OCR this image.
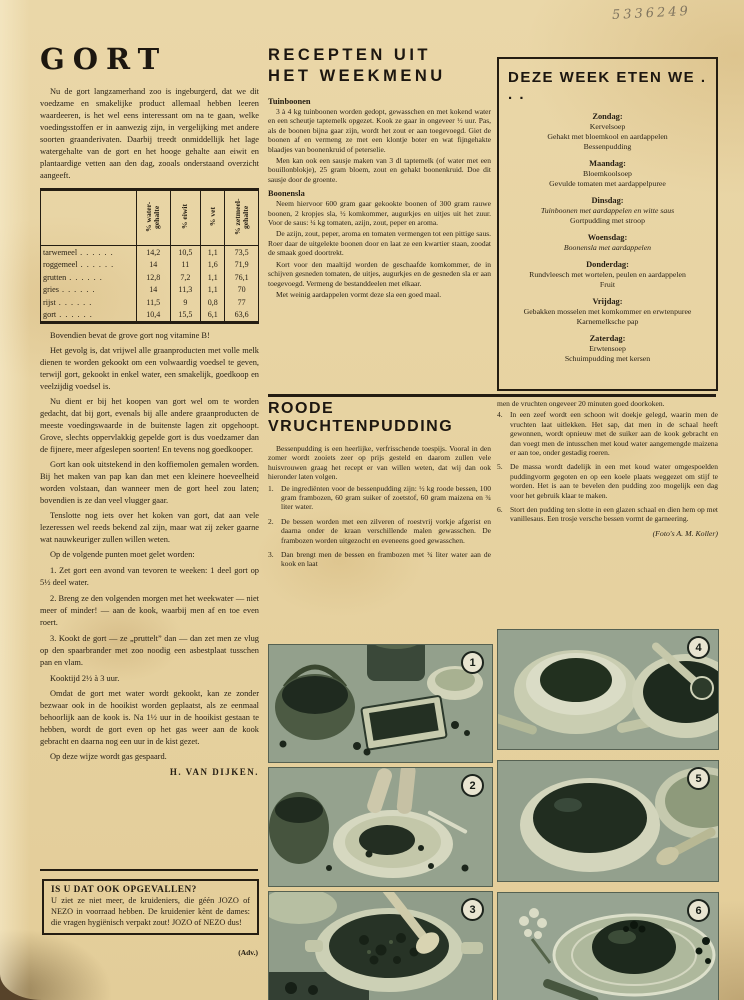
5336249
GORT

Nu de gort langzamerhand zoo is ingeburgerd, dat we dit voedzame en smakelijke product allemaal hebben leeren waardeeren, is het wel eens interessant om na te gaan, welke voedingsstoffen er in aanwezig zijn, in vergelijking met andere soorten graanderivaten. Daarbij treedt onmiddellijk het lage watergehalte van de gort en het hooge gehalte aan eiwit en plantaardige vetten aan den dag, zooals onderstaand overzicht aangeeft.

	% water-gehalte	% eiwit	% vet	% zetmeel-gehalte
tarwemeel . . .	14,2	10,5	1,1	73,5
roggemeel . . .	14	11	1,6	71,9
grutten . . .	12,8	7,2	1,1	76,1
gries . . .	14	11,3	1,1	70
rijst . . .	11,5	9	0,8	77
gort . . .	10,4	15,5	6,1	63,6

Bovendien bevat de grove gort nog vitamine B!

Het gevolg is, dat vrijwel alle graanproducten met volle melk dienen te worden gekookt om een volwaardig voedsel te geven, terwijl gort, gekookt in enkel water, een smakelijk, goedkoop en veelzijdig voedsel is.

Nu dient er bij het koopen van gort wel om te worden gedacht, dat bij gort, evenals bij alle andere graanproducten de meeste voedingswaarde in de buitenste lagen zit opgehoopt. Grove, slechts oppervlakkig gepelde gort is dus voedzamer dan de fijnere, meer afgeslepen soorten! En tevens nog goedkooper.

Gort kan ook uitstekend in den koffiemolen gemalen worden. Bij het maken van pap kan dan met een kleinere hoeveelheid worden volstaan, dan wanneer men de gort heel zou laten; bovendien is ze dan veel vlugger gaar.

Tenslotte nog iets over het koken van gort, dat aan vele lezeressen wel reeds bekend zal zijn, maar wat zij zeker gaarne wat nauwkeuriger zullen willen weten.

Op de volgende punten moet gelet worden:

1. Zet gort een avond van tevoren te weeken: 1 deel gort op 5½ deel water.

2. Breng ze den volgenden morgen met het weekwater — niet meer of minder! — aan de kook, waarbij men af en toe even roert.

3. Kookt de gort — ze „pruttelt” dan — dan zet men ze vlug op den spaarbrander met zoo noodig een asbestplaat tusschen pan en vlam.

Kooktijd 2½ à 3 uur.

Omdat de gort met water wordt gekookt, kan ze zonder bezwaar ook in de hooikist worden geplaatst, als ze eenmaal behoorlijk aan de kook is. Na 1½ uur in de hooikist gestaan te hebben, wordt de gort even op het gas weer aan de kook gebracht en daarna nog een uur in de kist gezet.

Op deze wijze wordt gas gespaard.

H. VAN DIJKEN.

IS U DAT OOK OPGEVALLEN?

U ziet ze niet meer, de kruideniers, die géén JOZO of NEZO in voorraad hebben. De kruidenier kènt de dames: die vragen hygiënisch verpakt zout! JOZO of NEZO dus!

(Adv.)
RECEPTEN UIT
HET WEEKMENU
Tuinboonen

3 à 4 kg tuinboonen worden gedopt, gewasschen en met kokend water en een scheutje taptemelk opgezet. Kook ze gaar in ongeveer ½ uur. Pas, als de boonen bijna gaar zijn, wordt het zout er aan toegevoegd. Giet de boonen af en vermeng ze met een klontje boter en wat fijngehakte blaadjes van boonenkruid of peterselie.

Men kan ook een sausje maken van 3 dl taptemelk (of water met een bouillonblokje), 25 gram bloem, zout en gehakt boonenkruid. Doe dit sausje door de groente.

Boonensla

Neem hiervoor 600 gram gaar gekookte boonen of 300 gram rauwe boonen, 2 kropjes sla, ½ komkommer, augurkjes en uitjes uit het zuur. Voor de saus: ¼ kg tomaten, azijn, zout, peper en aroma.

De azijn, zout, peper, aroma en tomaten vermengen tot een pittige saus. Roer daar de uitgelekte boonen door en laat ze een kwartier staan, zoodat de smaak goed doortrekt.

Kort voor den maaltijd worden de geschaafde komkommer, de in schijven gesneden tomaten, de uitjes, augurkjes en de gesneden sla er aan toegevoegd. Vermeng de bestanddeelen met elkaar.

Met weinig aardappelen vormt deze sla een goed maal.

DEZE WEEK ETEN WE . . .
Zondag:
Kervelsoep
Gehakt met bloemkool en aardappelen
Bessenpudding
Maandag:
Bloemkoolsoep
Gevulde tomaten met aardappelpuree
Dinsdag:
Tuinboonen met aardappelen en witte saus
Gortpudding met stroop
Woensdag:
Boonensla met aardappelen
Donderdag:
Rundvleesch met wortelen, peulen en aardappelen
Fruit
Vrijdag:
Gebakken mosselen met komkommer en erwtenpuree
Karnemelksche pap
Zaterdag:
Erwtensoep
Schuimpudding met kersen
ROODE VRUCHTENPUDDING

Bessenpudding is een heerlijke, verfrisschende toespijs. Vooral in den zomer wordt zooiets zeer op prijs gesteld en daarom zullen vele huisvrouwen graag het recept er van willen weten, dat wij dan ook hieronder laten volgen.

1. De ingrediënten voor de bessenpudding zijn: ½ kg roode bessen, 100 gram frambozen, 60 gram suiker of zoetstof, 60 gram maizena en ¾ liter water.
2. De bessen worden met een zilveren of roestvrij vorkje afgerist en daarna onder de kraan verschillende malen gewasschen. De frambozen worden uitgezocht en eveneens goed gewasschen.
3. Dan brengt men de bessen en frambozen met ¾ liter water aan de kook en laat

men de vruchten ongeveer 20 minuten goed doorkoken.

4. In een zeef wordt een schoon wit doekje gelegd, waarin men de vruchten laat uitlekken. Het sap, dat men in de schaal heeft gewonnen, wordt opnieuw met de suiker aan de kook gebracht en dan voegt men de intusschen met koud water aangemengde maizena er aan toe, onder gestadig roeren.
5. De massa wordt dadelijk in een met koud water omgespoelden puddingvorm gegoten en op een koele plaats weggezet om stijf te worden. Het is aan te bevelen den pudding zoo mogelijk een dag voor het gebruik klaar te maken.
6. Stort den pudding ten slotte in een glazen schaal en dien hem op met vanillesaus. Een trosje versche bessen vormt de garneering.
(Foto's A. M. Koller)
1
2
3
4
5
6
